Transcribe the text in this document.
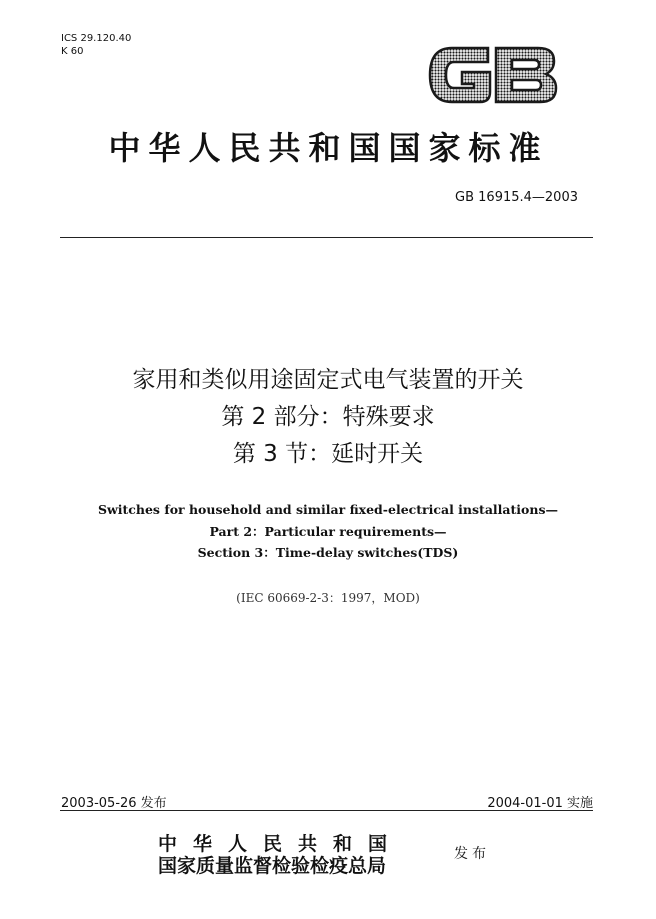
ICS 29.120.40
K 60
中华人民共和国国家标准
GB 16915.4—2003
家用和类似用途固定式电气装置的开关
第 2 部分：特殊要求
第 3 节：延时开关
Switches for household and similar fixed-electrical installations—
Part 2：Particular requirements—
Section 3：Time-delay switches(TDS)
(IEC 60669-2-3：1997，MOD)
2003-05-26 发布	2004-01-01 实施
中华人民共和国
国家质量监督检验检疫总局
发布
